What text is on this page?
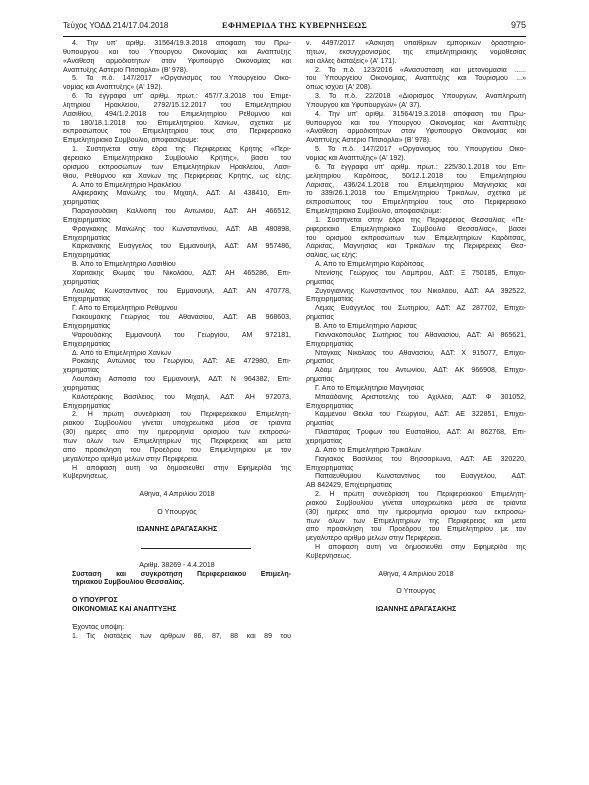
Τεύχος ΥΟΔΔ 214/17.04.2018	ΕΦΗΜΕΡΙΔΑ ΤΗΣ ΚΥΒΕΡΝΗΣΕΩΣ	975
4. Την υπ' αριθμ. 31564/19.3.2018 απόφαση του Πρω-
θυπουργού και του Υπουργού Οικονομίας και Ανάπτυξης
«Ανάθεση αρμοδιοτήτων στον Υφυπουργό Οικονομίας και
Ανάπτυξης Αστέριο Πιτσιόρλα» (Β' 978).
5. Το π.δ. 147/2017 «Οργανισμός του Υπουργείου Οικο-
νομίας και Ανάπτυξης» (Α' 192).
6. Τα έγγραφα υπ' αριθμ. πρωτ.: 457/7.3.2018 του Επιμε-
λητηρίου Ηρακλείου, 2792/15.12.2017 του Επιμελητηρίου
Λασιθίου, 494/1.2.2018 του Επιμελητηρίου Ρεθύμνου και
το 180/18.1.2018 του Επιμελητηρίου Χανίων, σχετικά με
εκπροσώπους του Επιμελητηρίου τους στο Περιφερειακό
Επιμελητηριακό Συμβούλιο, αποφασίζουμε:
1. Συστήνεται στην έδρα της Περιφέρειας Κρήτης «Περι-
φερειακό Επιμελητηριακό Συμβούλιο Κρήτης», βάσει του
ορισμού εκπροσώπων των Επιμελητηρίων Ηρακλείου, Λασι-
θίου, Ρεθύμνου και Χανίων της Περιφέρειας Κρήτης, ως εξής:
Α. Από το Επιμελητήριο Ηρακλείου
Αλφιεράκης Μανώλης του Μιχαήλ, ΑΔΤ: ΑΙ 438410, Επι-
χειρηματίας
Παραγιουδάκη Καλλιόπη του Αντωνίου, ΑΔΤ: ΑΗ 466512,
Επιχειρηματίας
Φραγκάκης Μανώλης του Κωνσταντίνου, ΑΔΤ: ΑΒ 480898,
Επιχειρηματίας
Καρκανάκης Ευάγγελος του Εμμανουήλ, ΑΔΤ: ΑΜ 957486,
Επιχειρηματίας
Β. Από το Επιμελητήριο Λασιθίου
Χαριτάκης Θωμάς του Νικολάου, ΑΔΤ: ΑΗ 465286, Επι-
χειρηματίας
Λουλάς Κωνσταντίνος του Εμμανουήλ, ΑΔΤ: ΑΝ 470778,
Επιχειρηματίας
Γ. Από το Επιμελητήριο Ρεθύμνου
Γιακουμάκης Γεώργιος του Αθανασίου, ΑΔΤ: ΑΒ 968603,
Επιχειρηματίας
Ψαρουδάκης Εμμανουήλ του Γεωργίου, ΑΜ 972181,
Επιχειρηματίας
Δ. Από το Επιμελητήριο Χανίων
Ροκάκης Αντώνιος του Γεωργίου, ΑΔΤ: ΑΕ 472980, Επι-
χειρηματίας
Λουπάκη Ασπασία του Εμμανουήλ, ΑΔΤ: Ν 964382, Επι-
χειρηματίας
Καλοτεράκης Βασίλειος του Μιχαήλ, ΑΔΤ: ΑΗ 972073,
Επιχειρηματίας
2. Η πρώτη συνεδρίαση του Περιφερειακού Επιμελητη-
ριακού Συμβουλίου γίνεται υποχρεωτικά μέσα σε τριάντα
(30) ημέρες από την ημερομηνία ορισμού των εκπροσώ-
πων όλων των Επιμελητηρίων της Περιφέρειας και μετά
από πρόσκληση του Προέδρου του Επιμελητηρίου με τον
μεγαλύτερο αριθμό μελών στην Περιφέρεια.
Η απόφαση αυτή να δημοσιευθεί στην Εφημερίδα της
Κυβερνήσεως.
Αθήνα, 4 Απριλίου 2018
Ο Υπουργός
ΙΩΑΝΝΗΣ ΔΡΑΓΑΣΑΚΗΣ
Αριθμ. 38269 - 4.4.2018
Σύσταση και συγκρότηση Περιφερειακού Επιμελη-
τηριακού Συμβουλίου Θεσσαλίας.
Ο ΥΠΟΥΡΓΟΣ
ΟΙΚΟΝΟΜΙΑΣ ΚΑΙ ΑΝΑΠΤΥΞΗΣ
Έχοντας υπόψη:
1. Τις διατάξεις των άρθρων 86, 87, 88 και 89 του
ν. 4497/2017 «Άσκηση υπαίθριων εμπορικών δραστηριο-
τήτων, εκσυγχρονισμός της επιμελητηριακής νομοθεσίας
και άλλες διατάξεις» (Α' 171).
2. Το π.δ. 123/2016 «Ανασύσταση και μετονομασία ......
του Υπουργείου Οικονομίας, Ανάπτυξης και Τουρισμού ...»
όπως ισχύει (Α' 208).
3. Το π.δ. 22/2018 «Διορισμός Υπουργών, Αναπληρωτή
Υπουργού και Υφυπουργών» (Α' 37).
4. Την υπ' αριθμ. 31564/19.3.2018 απόφαση του Πρω-
θυπουργού και του Υπουργού Οικονομίας και Ανάπτυξης
«Ανάθεση αρμοδιοτήτων στον Υφυπουργό Οικονομίας και
Ανάπτυξης Αστέριο Πιτσιόρλα» (Β' 978).
5. Το π.δ. 147/2017 «Οργανισμός του Υπουργείου Οικο-
νομίας και Ανάπτυξης» (Α' 192).
6. Τα έγγραφα υπ' αριθμ. πρωτ.: 225/30.1.2018 του Επι-
μελητηρίου Καρδίτσας, 50/12.1.2018 του Επιμελητηρίου
Λάρισας, 436/24.1.2018 του Επιμελητηρίου Μαγνησίας και
το 339/26.1.2018 του Επιμελητηρίου Τρικάλων, σχετικά με
εκπροσώπους του Επιμελητηρίου τους στο Περιφερειακό
Επιμελητηριακό Συμβούλιο, αποφασίζουμε:
1. Συστήνεται στην έδρα της Περιφέρειας Θεσσαλίας «Πε-
ριφερειακό Επιμελητηριακό Συμβούλιο Θεσσαλίας», βάσει
του ορισμού εκπροσώπων των Επιμελητηρίων Καρδίτσας,
Λάρισας, Μαγνησίας και Τρικάλων της Περιφέρειας Θεσ-
σαλίας, ως εξής:
Α. Από το Επιμελητήριο Καρδίτσας
Ντενίσης Γεώργιος του Λάμπρου, ΑΔΤ: Ξ 750185, Επιχει-
ρηματίας
Ζυγογιάννης Κωνσταντίνος του Νικολάου, ΑΔΤ: ΑΑ 392522,
Επιχειρηματίας
Λέμας Ευάγγελος του Σωτηρίου, ΑΔΤ: ΑΖ 287702, Επιχει-
ρηματίας
Β. Από το Επιμελητήριο Λάρισας
Γιαννακόπουλος Σωτήριος του Αθανασίου, ΑΔΤ: ΑΙ 865621,
Επιχειρηματίας
Ντάγκας Νικόλαος του Αθανασίου, ΑΔΤ: Χ 915077, Επιχει-
ρηματίας
Αδάμ Δημήτριος του Αντωνίου, ΑΔΤ: ΑΚ 966908, Επιχει-
ρηματίας
Γ. Από το Επιμελητήριο Μαγνησίας
Μπαάδανης Αριστοτέλης του Αχιλλέα, ΑΔΤ: Φ 301052,
Επιχειρηματίας
Καμμένου Θέκλα του Γεωργίου, ΑΔΤ: ΑΕ 322851, Επιχει-
ρηματίας
Πλαστάρας Τρύφων του Ευσταθίου, ΑΔΤ: ΑΙ 862768, Επι-
χειρηματίας
Δ. Από το Επιμελητήριο Τρικάλων
Γιαγιάκος Βασίλειος του Βησσαρίωνα, ΑΔΤ: ΑΕ 320220,
Επιχειρηματίας
Παπαευθυμίου Κωνσταντίνος του Ευαγγέλου, ΑΔΤ:
ΑΒ 842429, Επιχειρηματίας
2. Η πρώτη συνεδρίαση του Περιφερειακού Επιμελητη-
ριακού Συμβουλίου γίνεται υποχρεωτικά μέσα σε τριάντα
(30) ημέρες από την ημερομηνία ορισμού των εκπροσώ-
πων όλων των Επιμελητηρίων της Περιφέρειας και μετά
από πρόσκληση του Προέδρου του Επιμελητηρίου με τον
μεγαλύτερο αριθμό μελών στην Περιφέρεια.
Η απόφαση αυτή να δημοσιευθεί στην Εφημερίδα της
Κυβερνήσεως.
Αθήνα, 4 Απριλίου 2018
Ο Υπουργός
ΙΩΑΝΝΗΣ ΔΡΑΓΑΣΑΚΗΣ
